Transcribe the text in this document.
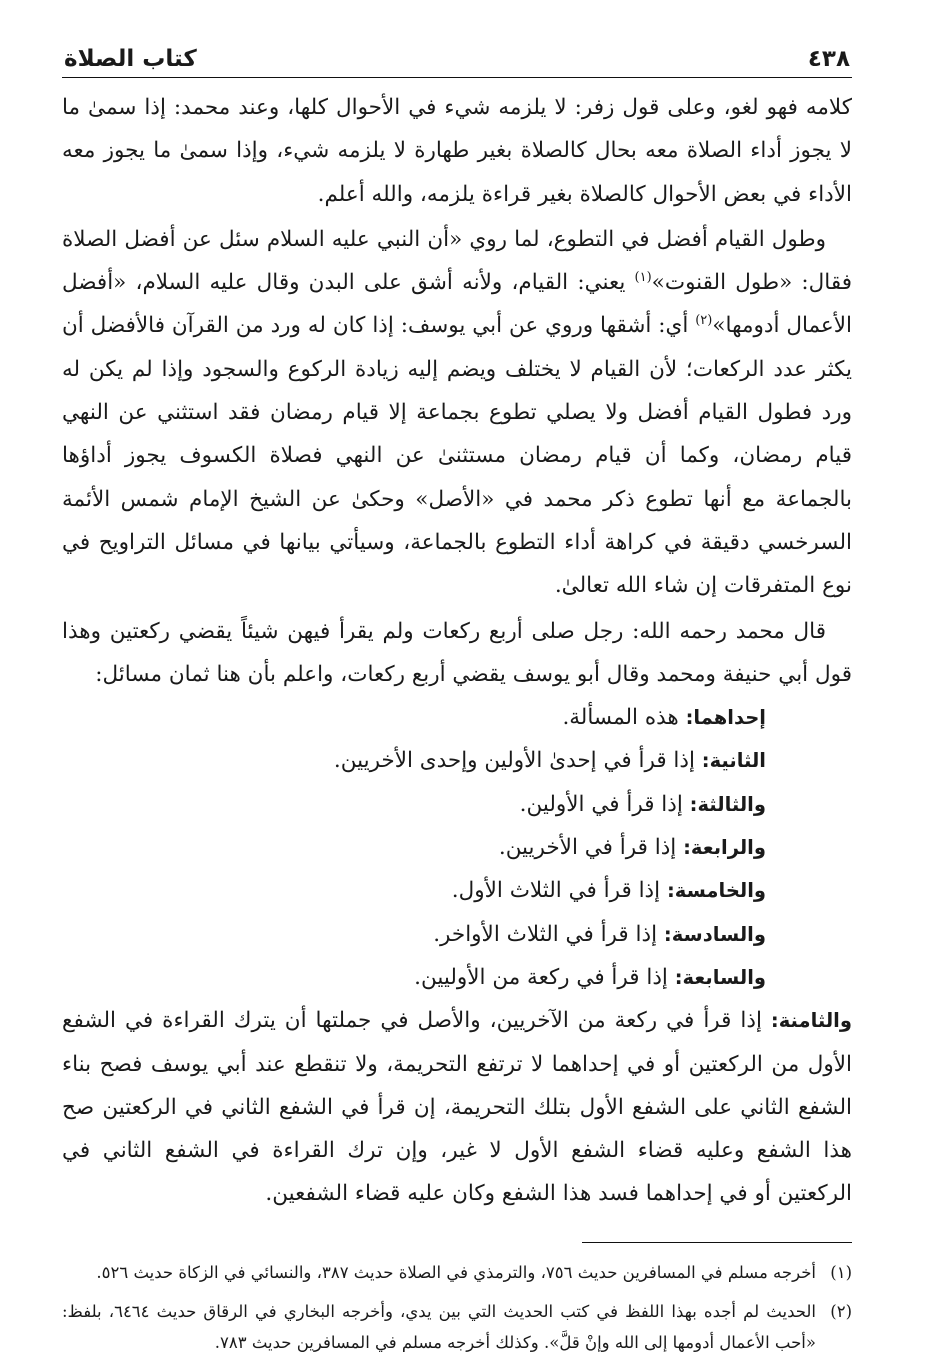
٤٣٨
كتاب الصلاة

كلامه فهو لغو، وعلى قول زفر: لا يلزمه شيء في الأحوال كلها، وعند محمد: إذا سمىٰ ما لا يجوز أداء الصلاة معه بحال كالصلاة بغير طهارة لا يلزمه شيء، وإذا سمىٰ ما يجوز معه الأداء في بعض الأحوال كالصلاة بغير قراءة يلزمه، والله أعلم.

وطول القيام أفضل في التطوع، لما روي «أن النبي عليه السلام سئل عن أفضل الصلاة فقال: «طول القنوت»$^{(١)}$ يعني: القيام، ولأنه أشق على البدن وقال عليه السلام، «أفضل الأعمال أدومها»$^{(٢)}$ أي: أشقها وروي عن أبي يوسف: إذا كان له ورد من القرآن فالأفضل أن يكثر عدد الركعات؛ لأن القيام لا يختلف ويضم إليه زيادة الركوع والسجود وإذا لم يكن له ورد فطول القيام أفضل ولا يصلي تطوع بجماعة إلا قيام رمضان فقد استثني عن النهي قيام رمضان، وكما أن قيام رمضان مستثنىٰ عن النهي فصلاة الكسوف يجوز أداؤها بالجماعة مع أنها تطوع ذكر محمد في «الأصل» وحكىٰ عن الشيخ الإمام شمس الأئمة السرخسي دقيقة في كراهة أداء التطوع بالجماعة، وسيأتي بيانها في مسائل التراويح في نوع المتفرقات إن شاء الله تعالىٰ.

قال محمد رحمه الله: رجل صلى أربع ركعات ولم يقرأ فيهن شيئاً يقضي ركعتين وهذا قول أبي حنيفة ومحمد وقال أبو يوسف يقضي أربع ركعات، واعلم بأن هنا ثمان مسائل:

إحداهما: هذه المسألة.

الثانية: إذا قرأ في إحدىٰ الأولين وإحدى الأخريين.

والثالثة: إذا قرأ في الأولين.

والرابعة: إذا قرأ في الأخريين.

والخامسة: إذا قرأ في الثلاث الأول.

والسادسة: إذا قرأ في الثلاث الأواخر.

والسابعة: إذا قرأ في ركعة من الأوليين.

والثامنة: إذا قرأ في ركعة من الآخريين، والأصل في جملتها أن يترك القراءة في الشفع الأول من الركعتين أو في إحداهما لا ترتفع التحريمة، ولا تنقطع عند أبي يوسف فصح بناء الشفع الثاني على الشفع الأول بتلك التحريمة، إن قرأ في الشفع الثاني في الركعتين صح هذا الشفع وعليه قضاء الشفع الأول لا غير، وإن ترك القراءة في الشفع الثاني في الركعتين أو في إحداهما فسد هذا الشفع وكان عليه قضاء الشفعين.

(١)
أخرجه مسلم في المسافرين حديث ٧٥٦، والترمذي في الصلاة حديث ٣٨٧، والنسائي في الزكاة حديث ٥٢٦.
(٢)
الحديث لم أجده بهذا اللفظ في كتب الحديث التي بين يدي، وأخرجه البخاري في الرقاق حديث ٦٤٦٤، بلفظ: «أحب الأعمال أدومها إلى الله وإنْ قلَّ». وكذلك أخرجه مسلم في المسافرين حديث ٧٨٣.
